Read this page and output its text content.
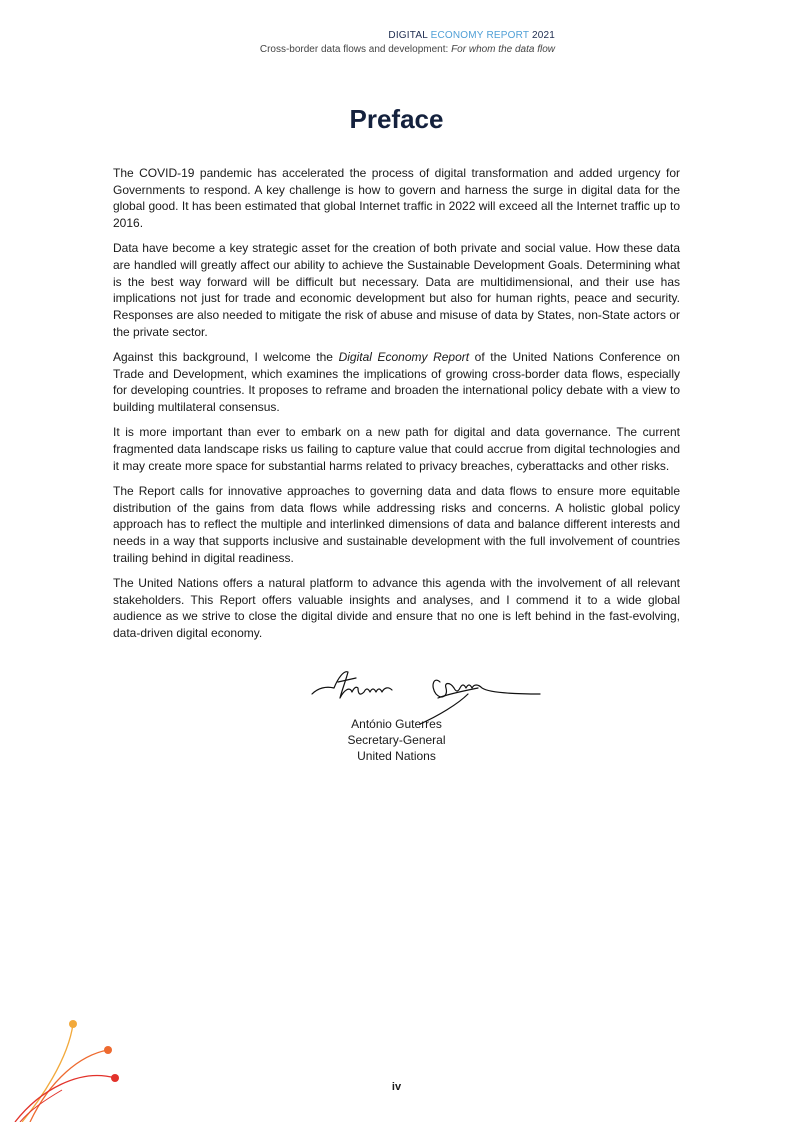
DIGITAL ECONOMY REPORT 2021
Cross-border data flows and development: For whom the data flow
Preface

The COVID-19 pandemic has accelerated the process of digital transformation and added urgency for Governments to respond. A key challenge is how to govern and harness the surge in digital data for the global good. It has been estimated that global Internet traffic in 2022 will exceed all the Internet traffic up to 2016.

Data have become a key strategic asset for the creation of both private and social value. How these data are handled will greatly affect our ability to achieve the Sustainable Development Goals. Determining what is the best way forward will be difficult but necessary. Data are multidimensional, and their use has implications not just for trade and economic development but also for human rights, peace and security. Responses are also needed to mitigate the risk of abuse and misuse of data by States, non-State actors or the private sector.

Against this background, I welcome the Digital Economy Report of the United Nations Conference on Trade and Development, which examines the implications of growing cross-border data flows, especially for developing countries. It proposes to reframe and broaden the international policy debate with a view to building multilateral consensus.

It is more important than ever to embark on a new path for digital and data governance. The current fragmented data landscape risks us failing to capture value that could accrue from digital technologies and it may create more space for substantial harms related to privacy breaches, cyberattacks and other risks.

The Report calls for innovative approaches to governing data and data flows to ensure more equitable distribution of the gains from data flows while addressing risks and concerns. A holistic global policy approach has to reflect the multiple and interlinked dimensions of data and balance different interests and needs in a way that supports inclusive and sustainable development with the full involvement of countries trailing behind in digital readiness.

The United Nations offers a natural platform to advance this agenda with the involvement of all relevant stakeholders. This Report offers valuable insights and analyses, and I commend it to a wide global audience as we strive to close the digital divide and ensure that no one is left behind in the fast-evolving, data-driven digital economy.

António Guterres
Secretary-General
United Nations
iv
